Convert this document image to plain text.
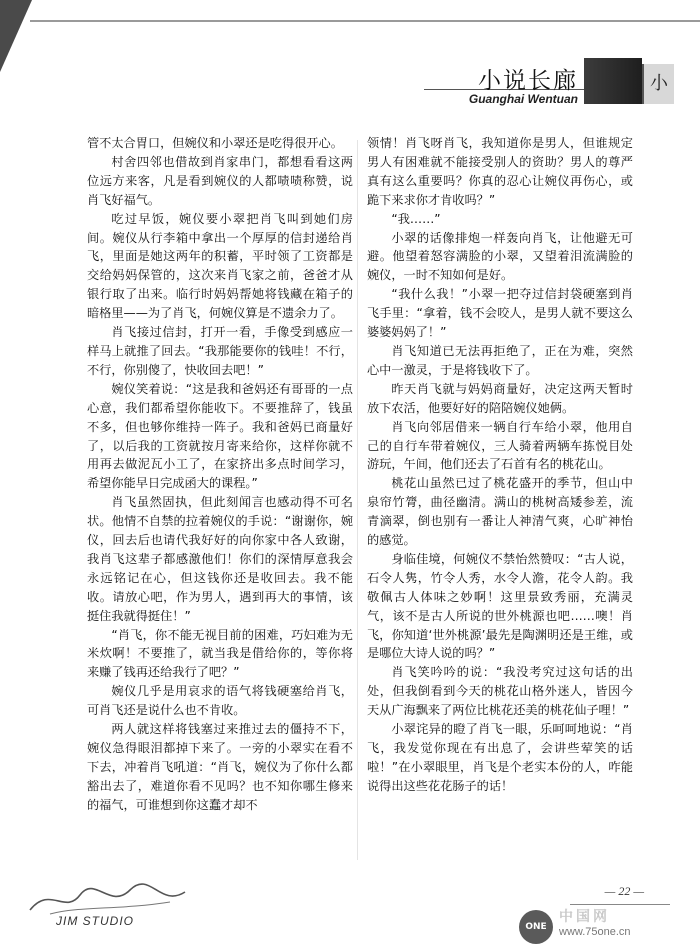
小说长廊
Guanghai Wentuan
小

管不太合胃口，但婉仪和小翠还是吃得很开心。

村舍四邻也借故到肖家串门，都想看看这两位远方来客，凡是看到婉仪的人都啧啧称赞，说肖飞好福气。

吃过早饭，婉仪要小翠把肖飞叫到她们房间。婉仪从行李箱中拿出一个厚厚的信封递给肖飞，里面是她这两年的积蓄，平时领了工资都是交给妈妈保管的，这次来肖飞家之前，爸爸才从银行取了出来。临行时妈妈帮她将钱藏在箱子的暗格里——为了肖飞，何婉仪算是不遗余力了。

肖飞接过信封，打开一看，手像受到感应一样马上就推了回去。“我那能要你的钱哇！不行，不行，你别傻了，快收回去吧！”

婉仪笑着说：“这是我和爸妈还有哥哥的一点心意，我们都希望你能收下。不要推辞了，钱虽不多，但也够你维持一阵子。我和爸妈已商量好了，以后我的工资就按月寄来给你，这样你就不用再去做泥瓦小工了，在家挤出多点时间学习，希望你能早日完成函大的课程。”

肖飞虽然固执，但此刻闻言也感动得不可名状。他情不自禁的拉着婉仪的手说：“谢谢你，婉仪，回去后也请代我好好的向你家中各人致谢，我肖飞这辈子都感激他们！你们的深情厚意我会永远铭记在心，但这钱你还是收回去。我不能收。请放心吧，作为男人，遇到再大的事情，该挺住我就得挺住！”

“肖飞，你不能无视目前的困难，巧妇难为无米炊啊！不要推了，就当我是借给你的，等你将来赚了钱再还给我行了吧？”

婉仪几乎是用哀求的语气将钱硬塞给肖飞，可肖飞还是说什么也不肯收。

两人就这样将钱塞过来推过去的僵持不下，婉仪急得眼泪都掉下来了。一旁的小翠实在看不下去，冲着肖飞吼道：“肖飞，婉仪为了你什么都豁出去了，难道你看不见吗？也不知你哪生修来的福气，可谁想到你这蠢才却不

领情！肖飞呀肖飞，我知道你是男人，但谁规定男人有困难就不能接受别人的资助？男人的尊严真有这么重要吗？你真的忍心让婉仪再伤心，或跪下来求你才肯收吗？”

“我……”

小翠的话像排炮一样轰向肖飞，让他避无可避。他望着怒容满脸的小翠，又望着泪流满脸的婉仪，一时不知如何是好。

“我什么我！”小翠一把夺过信封袋硬塞到肖飞手里：“拿着，钱不会咬人，是男人就不要这么婆婆妈妈了！”

肖飞知道已无法再拒绝了，正在为难，突然心中一激灵，于是将钱收下了。

昨天肖飞就与妈妈商量好，决定这两天暂时放下农活，他要好好的陪陪婉仪她俩。

肖飞向邻居借来一辆自行车给小翠，他用自己的自行车带着婉仪，三人骑着两辆车拣悦目处游玩，午间，他们还去了石首有名的桃花山。

桃花山虽然已过了桃花盛开的季节，但山中泉帘竹膂，曲径幽清。满山的桃树高矮参差，流青滴翠，倒也别有一番让人神清气爽，心旷神怡的感觉。

身临佳境，何婉仪不禁怡然赞叹：“古人说，石令人隽，竹令人秀，水令人澹，花令人韵。我敬佩古人体味之妙啊！这里景致秀丽，充满灵气，该不是古人所说的世外桃源也吧……噢！肖飞，你知道‘世外桃源’最先是陶渊明还是王维，或是哪位大诗人说的吗？”

肖飞笑吟吟的说：“我没考究过这句话的出处，但我倒看到今天的桃花山格外迷人，皆因今天从广海飘来了两位比桃花还美的桃花仙子哩！”

小翠诧异的瞪了肖飞一眼，乐呵呵地说：“肖飞，我发觉你现在有出息了，会讲些荤笑的话啦！”在小翠眼里，肖飞是个老实本份的人，咋能说得出这些花花肠子的话！

JIM STUDIO
— 22 —
ONE
中国网
www.75one.cn
